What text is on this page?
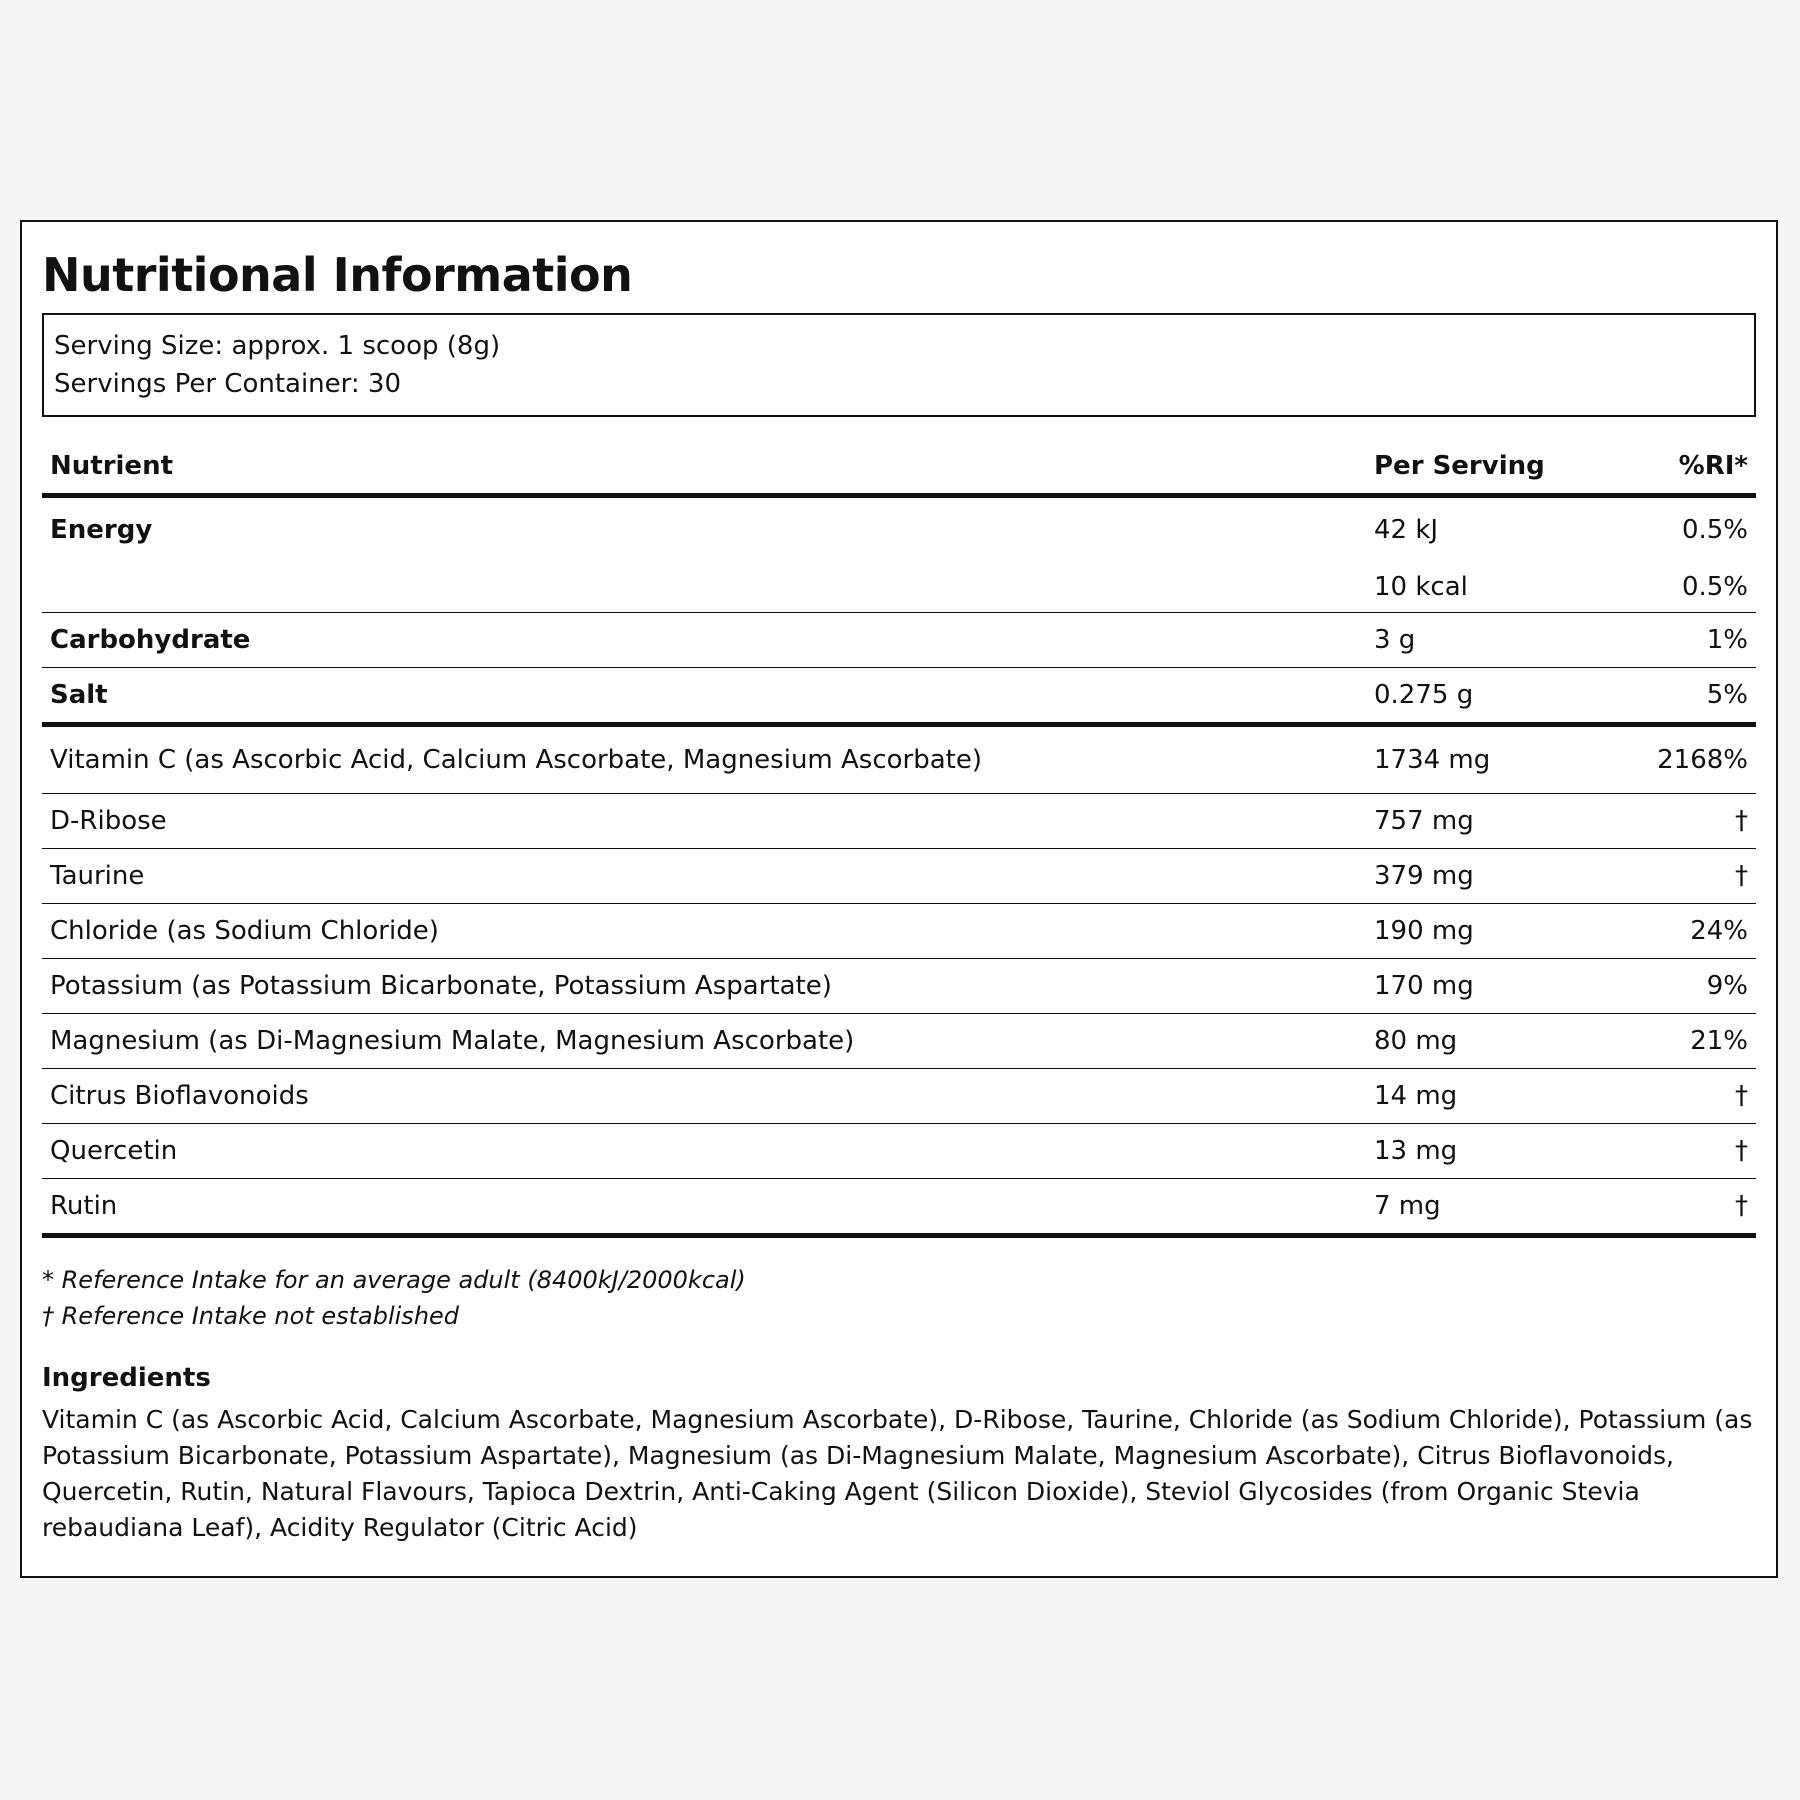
Nutritional Information
Serving Size: approx. 1 scoop (8g)
Servings Per Container: 30
Nutrient	Per Serving	%RI*
Energy	42 kJ	0.5%
	10 kcal	0.5%
Carbohydrate	3 g	1%
Salt	0.275 g	5%
Vitamin C (as Ascorbic Acid, Calcium Ascorbate, Magnesium Ascorbate)	1734 mg	2168%
D-Ribose	757 mg	†
Taurine	379 mg	†
Chloride (as Sodium Chloride)	190 mg	24%
Potassium (as Potassium Bicarbonate, Potassium Aspartate)	170 mg	9%
Magnesium (as Di-Magnesium Malate, Magnesium Ascorbate)	80 mg	21%
Citrus Bioflavonoids	14 mg	†
Quercetin	13 mg	†
Rutin	7 mg	†
* Reference Intake for an average adult (8400kJ/2000kcal)
† Reference Intake not established
Ingredients
Vitamin C (as Ascorbic Acid, Calcium Ascorbate, Magnesium Ascorbate), D-Ribose, Taurine, Chloride (as Sodium Chloride), Potassium (as Potassium Bicarbonate, Potassium Aspartate), Magnesium (as Di-Magnesium Malate, Magnesium Ascorbate), Citrus Bioflavonoids, Quercetin, Rutin, Natural Flavours, Tapioca Dextrin, Anti-Caking Agent (Silicon Dioxide), Steviol Glycosides (from Organic Stevia rebaudiana Leaf), Acidity Regulator (Citric Acid)
